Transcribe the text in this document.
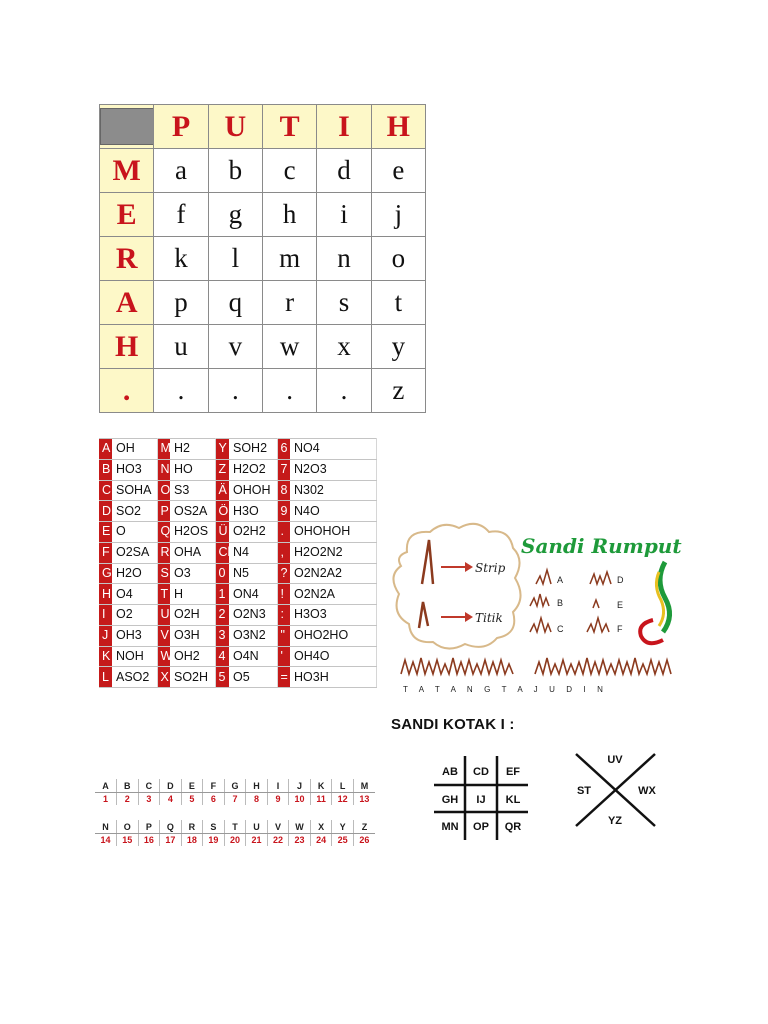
	P	U	T	I	H
M	a	b	c	d	e
E	f	g	h	i	j
R	k	l	m	n	o
A	p	q	r	s	t
H	u	v	w	x	y
.	.	.	.	.	z
A	OH	M	H2	Y	SOH2	6	NO4
B	HO3	N	HO	Z	H2O2	7	N2O3
C	SOHA	O	S3	Ä	OHOH	8	N302
D	SO2	P	OS2A	Ö	H3O	9	N4O
E	O	Q	H2OS	Ü	O2H2	.	OHOHOH
F	O2SA	R	OHA	Ch	N4	,	H2O2N2
G	H2O	S	O3	0	N5	?	O2N2A2
H	O4	T	H	1	ON4	!	O2N2A
I	O2	U	O2H	2	O2N3	:	H3O3
J	OH3	V	O3H	3	O3N2	"	OHO2HO
K	NOH	W	OH2	4	O4N	'	OH4O
L	ASO2	X	SO2H	5	O5	=	HO3H
Strip
Titik
Sandi Rumput
A
B
C
D
E
F
T A T A N G T A J U D I N
A	B	C	D	E	F	G	H	I	J	K	L	M
1	2	3	4	5	6	7	8	9	10	11	12	13
N	O	P	Q	R	S	T	U	V	W	X	Y	Z
14	15	16	17	18	19	20	21	22	23	24	25	26
SANDI KOTAK I :
AB CD EF
GH IJ KL
MN OP QR
UV
ST	WX
YZ
